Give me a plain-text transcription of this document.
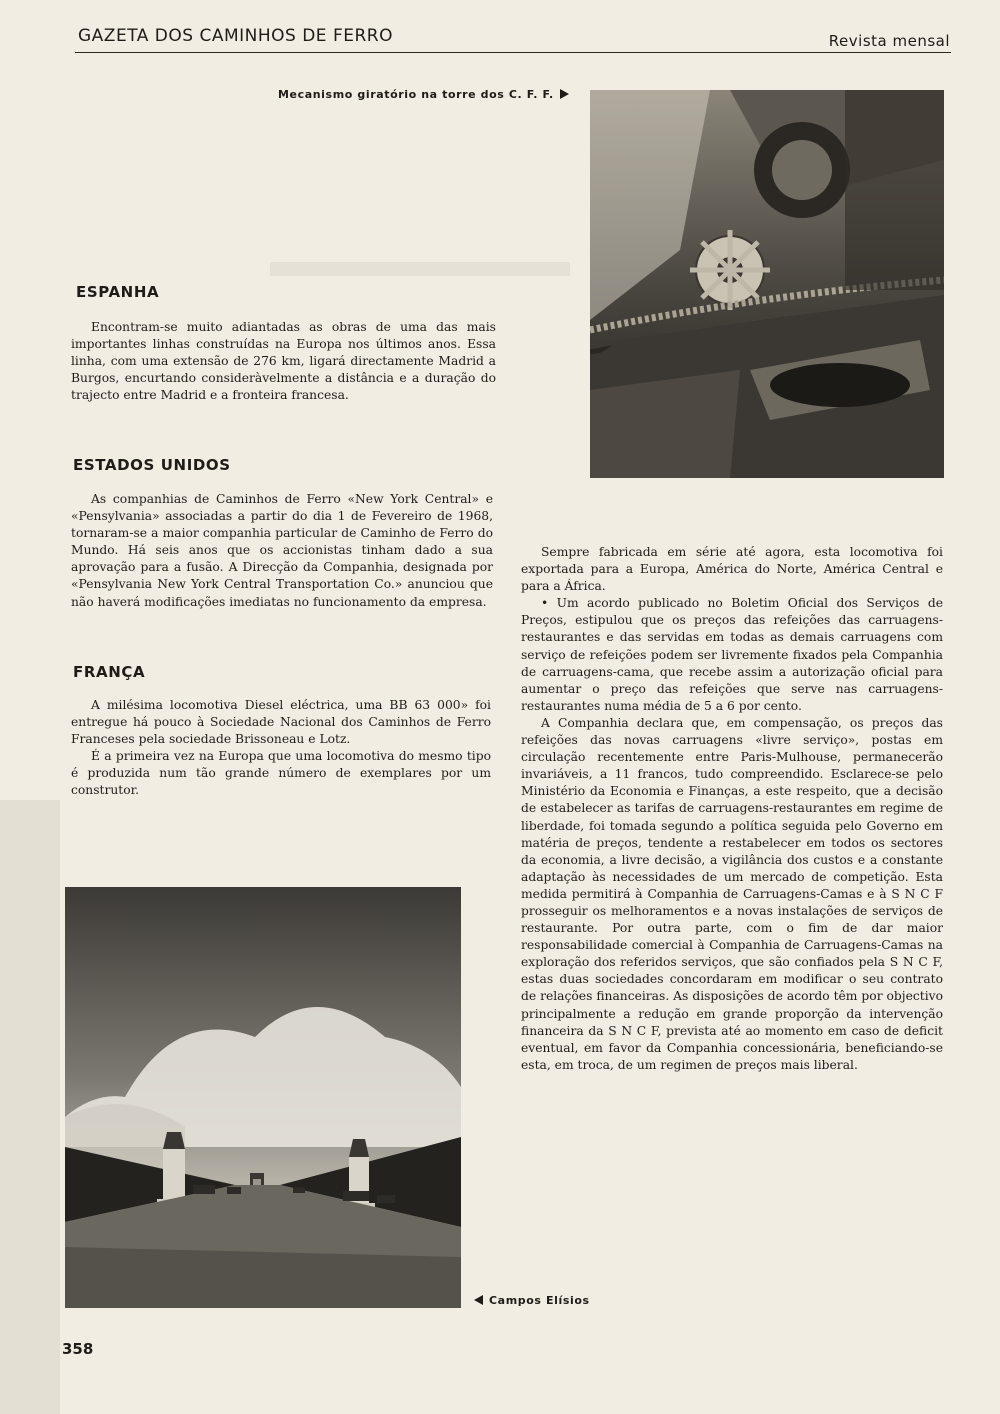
GAZETA DOS CAMINHOS DE FERRO	Revista mensal
Mecanismo giratório na torre dos C. F. F.
ESPANHA

Encontram-se muito adiantadas as obras de uma das mais importantes linhas construídas na Europa nos últimos anos. Essa linha, com uma extensão de 276 km, ligará directamente Madrid a Burgos, encurtando consideràvelmente a distância e a duração do trajecto entre Madrid e a fronteira francesa.

ESTADOS UNIDOS

As companhias de Caminhos de Ferro «New York Central» e «Pensylvania» associadas a partir do dia 1 de Fevereiro de 1968, tornaram-se a maior companhia particular de Caminho de Ferro do Mundo. Há seis anos que os accionistas tinham dado a sua aprovação para a fusão. A Direcção da Companhia, designada por «Pensylvania New York Central Transportation Co.» anunciou que não haverá modificações imediatas no funcionamento da empresa.

FRANÇA

A milésima locomotiva Diesel eléctrica, uma BB 63 000» foi entregue há pouco à Sociedade Nacional dos Caminhos de Ferro Franceses pela sociedade Brissoneau e Lotz.

É a primeira vez na Europa que uma locomotiva do mesmo tipo é produzida num tão grande número de exemplares por um construtor.

Sempre fabricada em série até agora, esta locomotiva foi exportada para a Europa, América do Norte, América Central e para a África.

• Um acordo publicado no Boletim Oficial dos Serviços de Preços, estipulou que os preços das refeições das carruagens-restaurantes e das servidas em todas as demais carruagens com serviço de refeições podem ser livremente fixados pela Companhia de carruagens-cama, que recebe assim a autorização oficial para aumentar o preço das refeições que serve nas carruagens-restaurantes numa média de 5 a 6 por cento.

A Companhia declara que, em compensação, os preços das refeições das novas carruagens «livre serviço», postas em circulação recentemente entre Paris-Mulhouse, permanecerão invariáveis, a 11 francos, tudo compreendido. Esclarece-se pelo Ministério da Economia e Finanças, a este respeito, que a decisão de estabelecer as tarifas de carruagens-restaurantes em regime de liberdade, foi tomada segundo a política seguida pelo Governo em matéria de preços, tendente a restabelecer em todos os sectores da economia, a livre decisão, a vigilância dos custos e a constante adaptação às necessidades de um mercado de competição. Esta medida permitirá à Companhia de Carruagens-Camas e à S N C F prosseguir os melhoramentos e a novas instalações de serviços de restaurante. Por outra parte, com o fim de dar maior responsabilidade comercial à Companhia de Carruagens-Camas na exploração dos referidos serviços, que são confiados pela S N C F, estas duas sociedades concordaram em modificar o seu contrato de relações financeiras. As disposições de acordo têm por objectivo principalmente a redução em grande proporção da intervenção financeira da S N C F, prevista até ao momento em caso de deficit eventual, em favor da Companhia concessionária, beneficiando-se esta, em troca, de um regimen de preços mais liberal.

Campos Elísios
358
